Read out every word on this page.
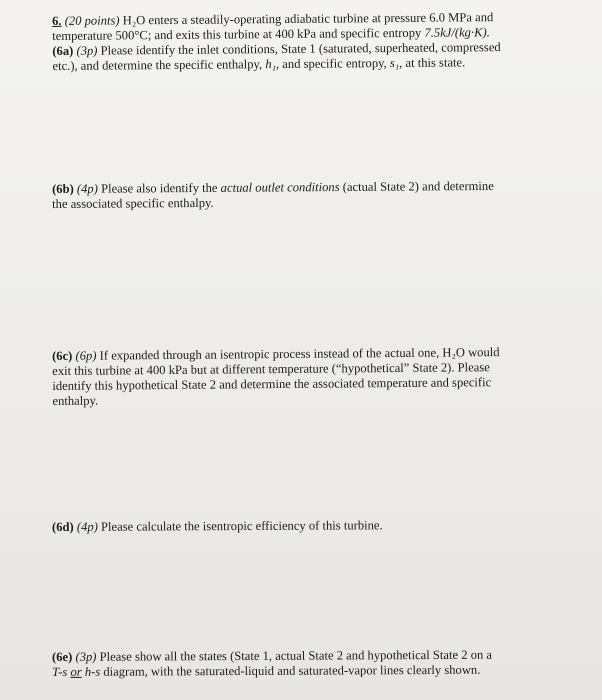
6. (20 points) H₂O enters a steadily-operating adiabatic turbine at pressure 6.0 MPa and
temperature 500°C; and exits this turbine at 400 kPa and specific entropy 7.5kJ/(kg·K).
(6a) (3p) Please identify the inlet conditions, State 1 (saturated, superheated, compressed
etc.), and determine the specific enthalpy, h₁, and specific entropy, s₁, at this state.
(6b) (4p) Please also identify the actual outlet conditions (actual State 2) and determine
the associated specific enthalpy.
(6c) (6p) If expanded through an isentropic process instead of the actual one, H₂O would
exit this turbine at 400 kPa but at different temperature (“hypothetical” State 2). Please
identify this hypothetical State 2 and determine the associated temperature and specific
enthalpy.
(6d) (4p) Please calculate the isentropic efficiency of this turbine.
(6e) (3p) Please show all the states (State 1, actual State 2 and hypothetical State 2 on a
T-s or h-s diagram, with the saturated-liquid and saturated-vapor lines clearly shown.
